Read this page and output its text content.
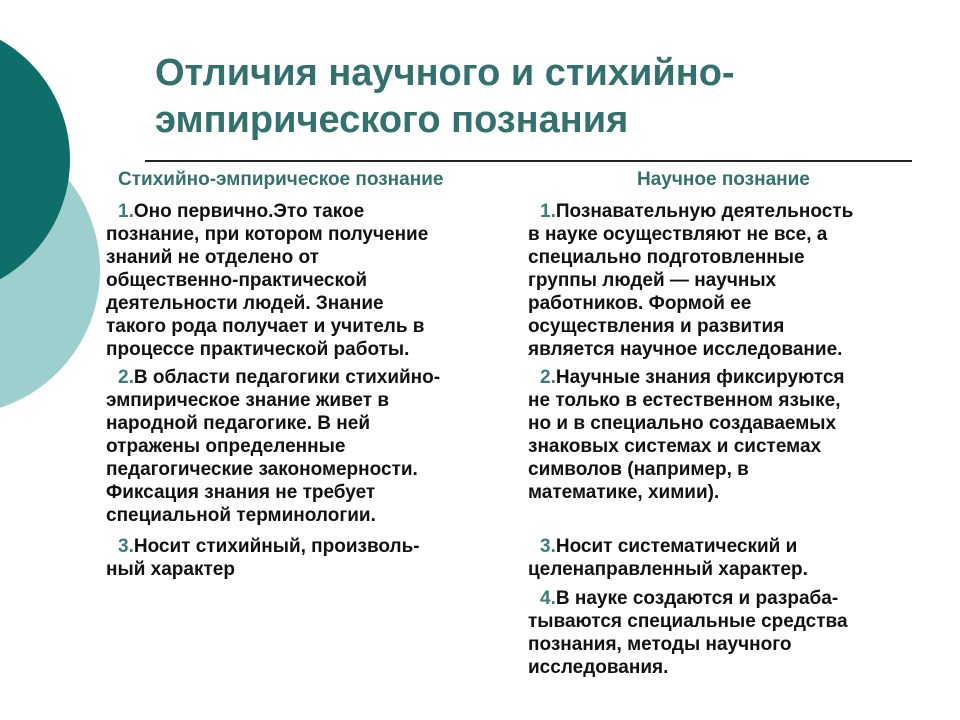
Отличия научного и стихийно-
эмпирического познания
Стихийно-эмпирическое познание	Научное познание

1.Оно первично.Это такое
познание, при котором получение
знаний не отделено от
общественно-практической
деятельности людей. Знание
такого рода получает и учитель в
процессе практической работы.

2.В области педагогики стихийно-
эмпирическое знание живет в
народной педагогике. В ней
отражены определенные
педагогические закономерности.
Фиксация знания не требует
специальной терминологии.

3.Носит стихийный, произволь-
ный характер

1.Познавательную деятельность
в науке осуществляют не все, а
специально подготовленные
группы людей — научных
работников. Формой ее
осуществления и развития
является научное исследование.

2.Научные знания фиксируются
не только в естественном языке,
но и в специально создаваемых
знаковых системах и системах
символов (например, в
математике, химии).

3.Носит систематический и
целенаправленный характер.

4.В науке создаются и разраба-
тываются специальные средства
познания, методы научного
исследования.
